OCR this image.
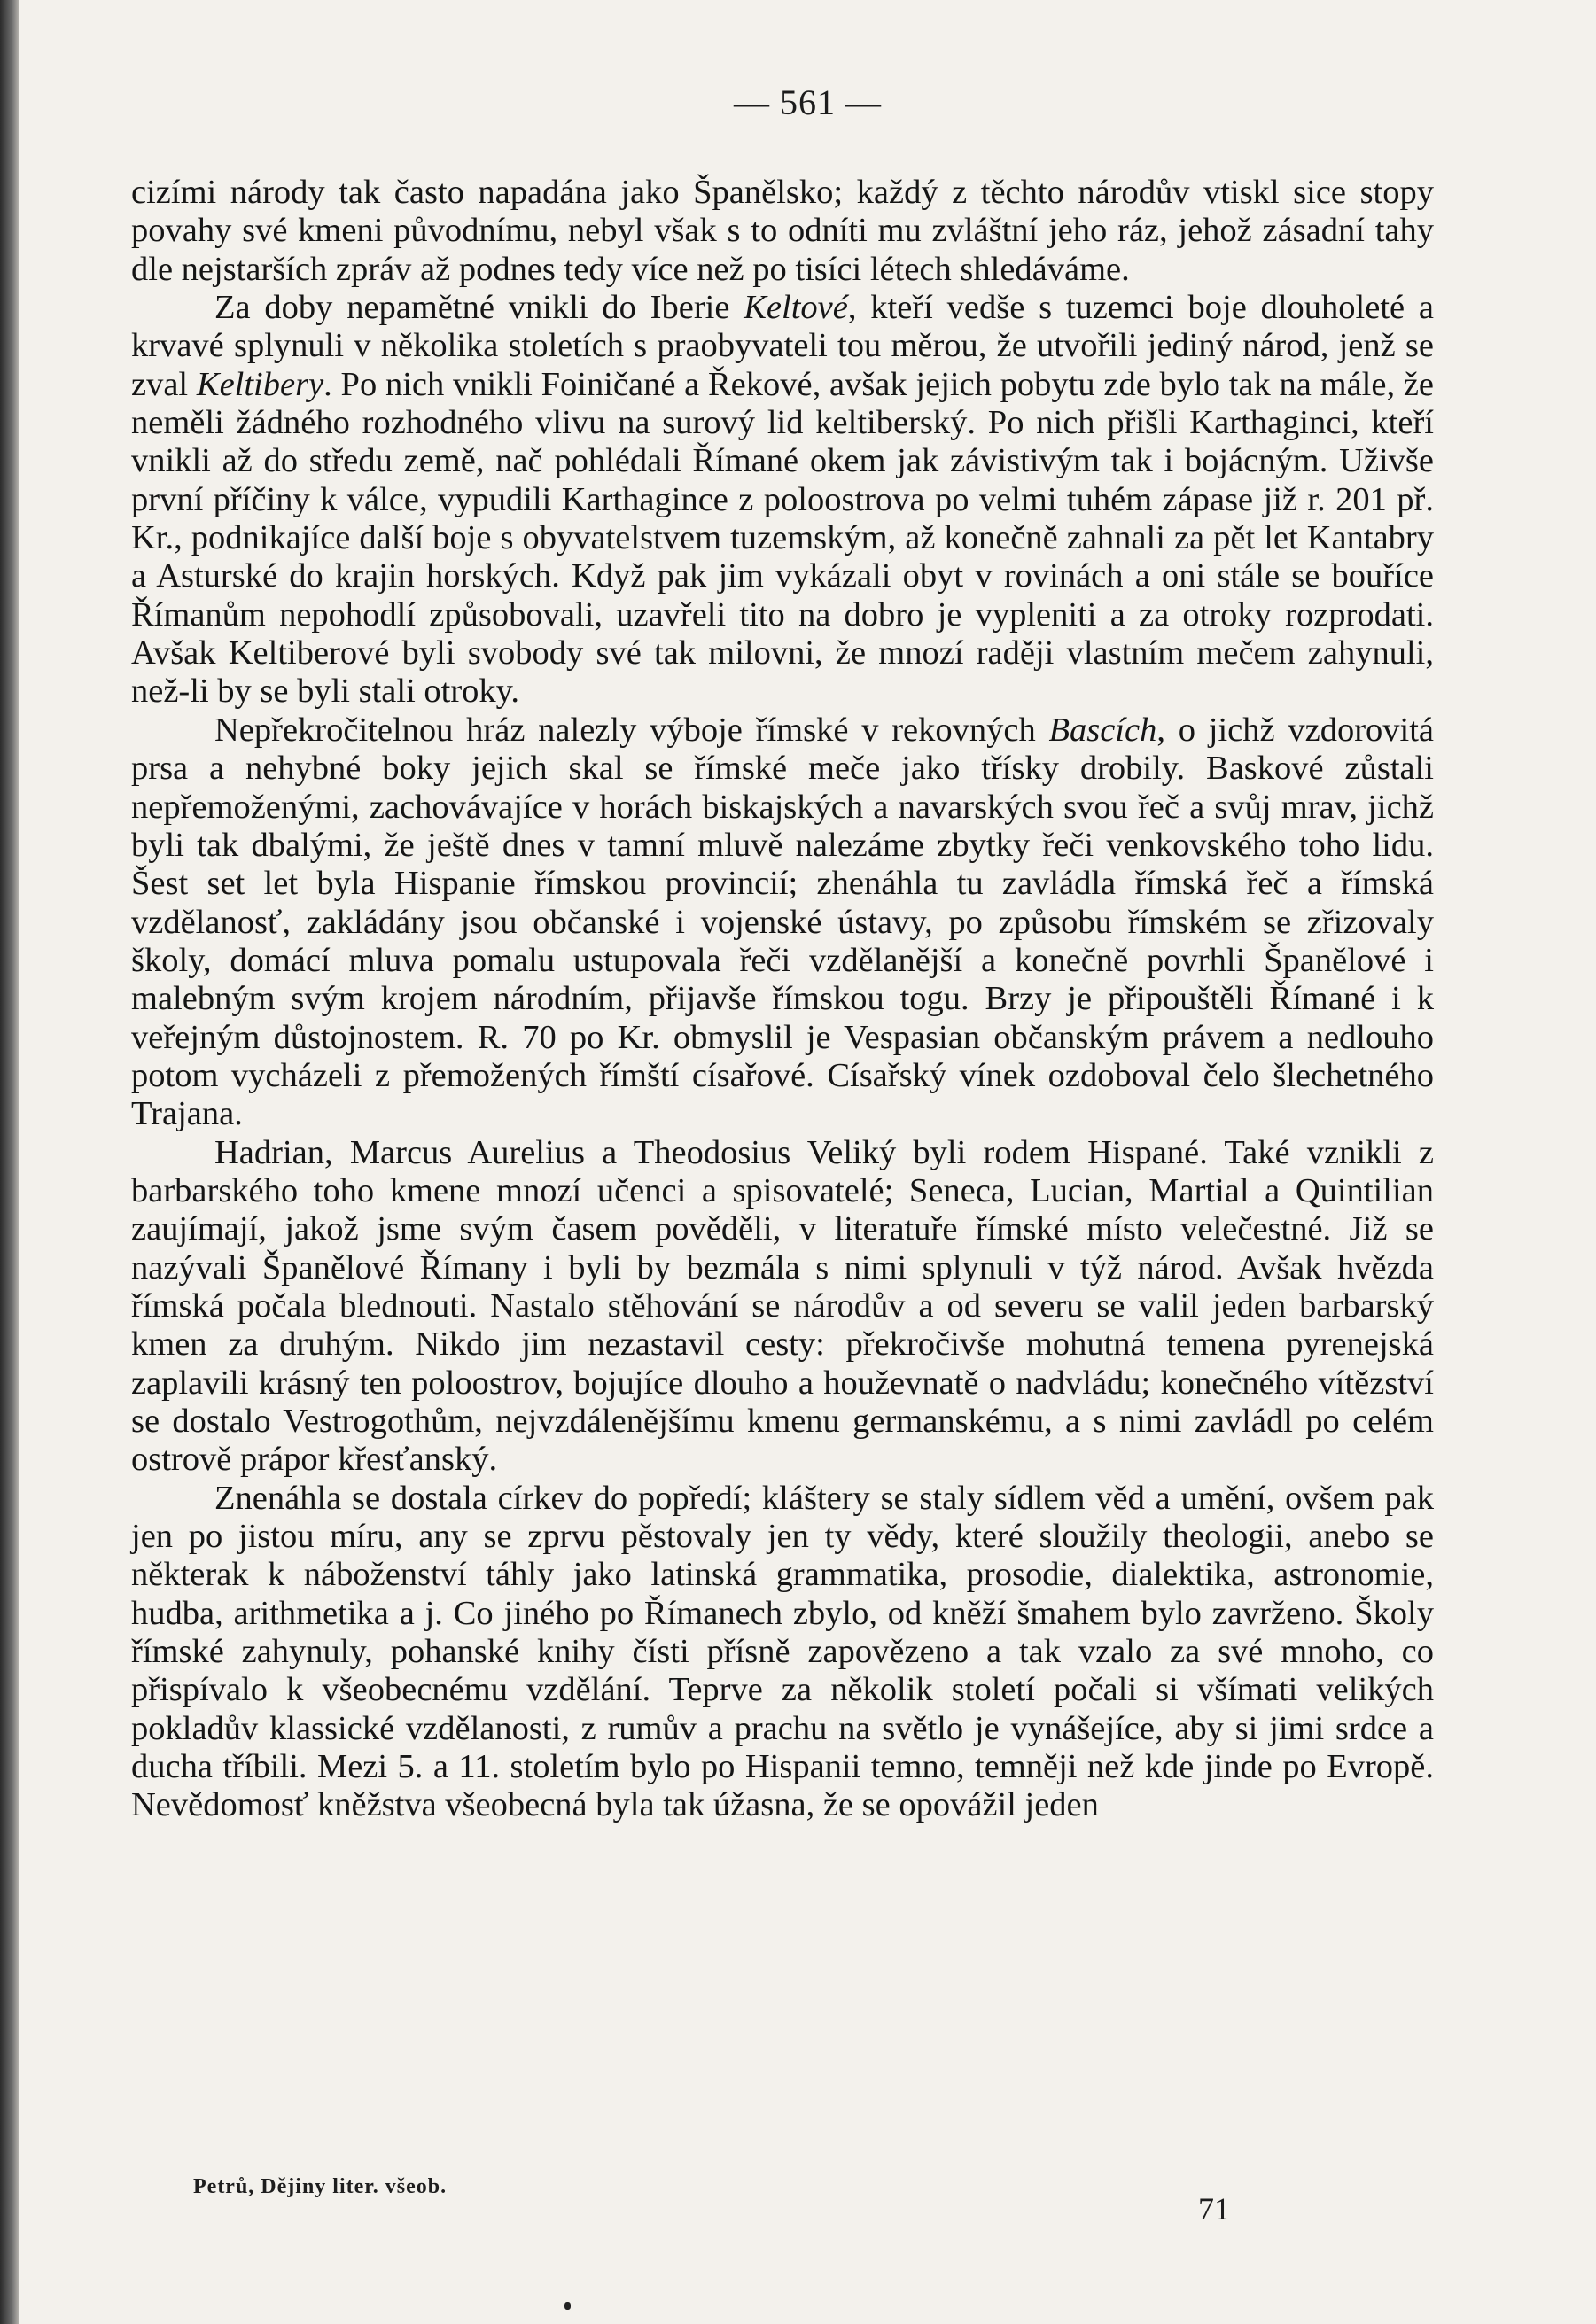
— 561 —

cizími národy tak často napadána jako Španělsko; každý z těchto národův vtiskl sice stopy povahy své kmeni původnímu, nebyl však s to odníti mu zvláštní jeho ráz, jehož zásadní tahy dle nejstarších zpráv až podnes tedy více než po tisíci létech shledáváme.

Za doby nepamětné vnikli do Iberie Keltové, kteří vedše s tuzemci boje dlouholeté a krvavé splynuli v několika stoletích s praobyvateli tou měrou, že utvořili jediný národ, jenž se zval Keltibery. Po nich vnikli Foiničané a Řekové, avšak jejich pobytu zde bylo tak na mále, že neměli žádného rozhodného vlivu na surový lid keltiberský. Po nich přišli Karthaginci, kteří vnikli až do středu země, nač pohlédali Římané okem jak závistivým tak i bojácným. Uživše první příčiny k válce, vypudili Karthagince z poloostrova po velmi tuhém zápase již r. 201 př. Kr., podnikajíce další boje s obyvatelstvem tuzemským, až konečně zahnali za pět let Kantabry a Asturské do krajin horských. Když pak jim vykázali obyt v rovinách a oni stále se bouříce Římanům nepohodlí způsobovali, uzavřeli tito na dobro je vypleniti a za otroky rozprodati. Avšak Keltiberové byli svobody své tak milovni, že mnozí raději vlastním mečem zahynuli, než-li by se byli stali otroky.

Nepřekročitelnou hráz nalezly výboje římské v rekovných Bascích, o jichž vzdorovitá prsa a nehybné boky jejich skal se římské meče jako třísky drobily. Baskové zůstali nepřemoženými, zachovávajíce v horách biskajských a navarských svou řeč a svůj mrav, jichž byli tak dbalými, že ještě dnes v tamní mluvě nalezáme zbytky řeči venkovského toho lidu. Šest set let byla Hispanie římskou provincií; zhenáhla tu zavládla římská řeč a římská vzdělanosť, zakládány jsou občanské i vojenské ústavy, po způsobu římském se zřizovaly školy, domácí mluva pomalu ustupovala řeči vzdělanější a konečně povrhli Španělové i malebným svým krojem národním, přijavše římskou togu. Brzy je připouštěli Římané i k veřejným důstojnostem. R. 70 po Kr. obmyslil je Vespasian občanským právem a nedlouho potom vycházeli z přemožených římští císařové. Císařský vínek ozdoboval čelo šlechetného Trajana.

Hadrian, Marcus Aurelius a Theodosius Veliký byli rodem Hispané. Také vznikli z barbarského toho kmene mnozí učenci a spisovatelé; Seneca, Lucian, Martial a Quintilian zaujímají, jakož jsme svým časem pověděli, v literatuře římské místo velečestné. Již se nazývali Španělové Římany i byli by bezmála s nimi splynuli v týž národ. Avšak hvězda římská počala blednouti. Nastalo stěhování se národův a od severu se valil jeden barbarský kmen za druhým. Nikdo jim nezastavil cesty: překročivše mohutná temena pyrenejská zaplavili krásný ten poloostrov, bojujíce dlouho a houževnatě o nadvládu; konečného vítězství se dostalo Vestrogothům, nejvzdálenějšímu kmenu germanskému, a s nimi zavládl po celém ostrově prápor křesťanský.

Znenáhla se dostala církev do popředí; kláštery se staly sídlem věd a umění, ovšem pak jen po jistou míru, any se zprvu pěstovaly jen ty vědy, které sloužily theologii, anebo se některak k náboženství táhly jako latinská grammatika, prosodie, dialektika, astronomie, hudba, arithmetika a j. Co jiného po Římanech zbylo, od kněží šmahem bylo zavrženo. Školy římské zahynuly, pohanské knihy čísti přísně zapovězeno a tak vzalo za své mnoho, co přispívalo k všeobecnému vzdělání. Teprve za několik století počali si všímati velikých pokladův klassické vzdělanosti, z rumův a prachu na světlo je vynášejíce, aby si jimi srdce a ducha tříbili. Mezi 5. a 11. stoletím bylo po Hispanii temno, temněji než kde jinde po Evropě. Nevědomosť kněžstva všeobecná byla tak úžasna, že se opovážil jeden

Petrů, Dějiny liter. všeob.
71
